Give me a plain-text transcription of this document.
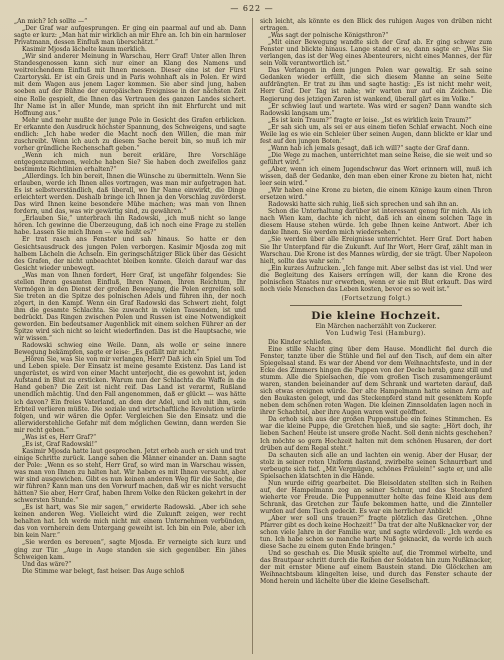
— 622 —

„An mich? Ich sollte —“

„Der Graf war aufgesprungen. Er ging ein paarmal auf und ab. Dann sagte er kurz: „Man hat mir wirklich an mir Ehre an. Ich bin ein harmloser Privatmann, dessen Einfluß man überschätzt.“

Kasimir Mjosda lächelte kaum merklich.

„Wir sind anderer Meinung in Warschau, Herr Graf! Unter allen Ihren Standesgenossen kann sich nur einer an Klang des Namens und weitreichendem Einfluß mit Ihnen messen. Dieser eine ist der Fürst Czartoryski. Er ist ein Greis und in Paris wohnhaft als in Polen. Er wird mit dem Wagen aus jenem Lager kommen. Sie aber sind jung, haben soeben auf der Bühne der europäischen Ereignisse in der nächsten Zeit eine Rolle gespielt, die Ihnen das Vertrauen des ganzen Landes sichert. Ihr Name ist in aller Munde, man spricht ihn mit Ehrfurcht und mit Hoffnung aus.“

Mehr und mehr mußte der junge Pole in Gesicht des Grafen erblicken. Er erkannte den Ausdruck höchster Spannung, des Schweigens, und sagte endlich: „Ich habe weder die Macht noch den Willen, die man mir zuschreibt. Wenn ich auch zu diesem Sache bereit bin, so muß ich mir vorher gründliche Rechenschaft geben.“

„Wenn ich mich nun bereit erkläre, Ihre Vorschläge entgegenzunehmen, welche haben Sie? Sie haben doch zweifellos ganz bestimmte Richtlinien erhalten?“

„Allerdings. Ich bin bereit, Ihnen die Wünsche zu übermitteln. Wenn Sie erlauben, werde ich Ihnen alles vortragen, was man mir aufgetragen hat. Es ist selbstverständlich, daß überall, wo Ihr Name einwirkt, die Dinge erleichtert werden. Deshalb bringe ich Ihnen ja den Vorschlag zuvörderst. Das wird Ihnen keine besondere Mühe machen; was man von Ihnen fordern, und das, was wir gewärtig sind, zu gewähren.“

„Erlauben Sie,“ unterbrach ihn Radowski, „ich muß nicht so lange hören. Ich gewinne die Überzeugung, daß ich noch eine Frage zu stellen habe. Lassen Sie mich Ihnen — wie heißt es?“

Er trat rasch ans Fenster und sah hinaus. So hatte er den Gesichtsausdruck des jungen Polen verborgen. Kasimir Mjosda zog mit halbem Lächeln die Achseln. Ein geringschätziger Blick über das Gesicht des Grafen, der nicht unbeachtet bleiben konnte. Gleich darauf war das Gesicht wieder unbewegt.

„Was man von Ihnen fordert, Herr Graf, ist ungefähr folgendes: Sie stellen Ihren gesamten Einfluß, Ihren Namen, Ihren Reichtum, Ihr Vermögen in den Dienst der großen Bewegung, die Polen ergreifen soll. Sie treten an die Spitze des polnischen Adels und führen ihn, der noch zögert, in den Kampf. Wenn ein Graf Radowski das Schwert zieht, folgt ihm die gesamte Schlachta. Sie zuwacht in vielen Tausenden, ist und bedrückt. Das Ringen zwischen Polen und Russen ist eine Notwendigkeit geworden. Ein bedeutsamer Augenblick mit einem solchen Führer an der Spitze wird sich nicht so leicht wiederfinden. Das ist die Hauptsache, wie wir wissen.“

Radowski schwieg eine Weile. Dann, als wolle er seine innere Bewegung bekämpfen, sagte er leise: „Es gefällt mir nicht.“

„Hören Sie, was Sie von mir verlangen, Herr? Daß ich ein Spiel um Tod und Leben spiele. Der Einsatz ist meine gesamte Existenz. Das Land ist ungerüstet, es wird von einer Macht unterjocht, die es gewohnt ist, jeden Aufstand in Blut zu ersticken. Warum nun der Schlachta die Waffe in die Hand geben? Die Zeit ist nicht reif. Das Land ist verarmt, Rußland unendlich mächtig. Und den Fall angenommen, daß er glückt — was hätte ich davon? Ein freies Vaterland, an dem der Adel, und ich mit ihm, sein Erbteil verlieren müßte. Die soziale und wirtschaftliche Revolution würde folgen, und wir wären die Opfer. Vergleichen Sie den Einsatz und die allerwiderstehliche Gefahr mit dem möglichen Gewinn, dann werden Sie mir recht geben.“

„Was ist es, Herr Graf?“

„Es ist, Graf Radowski!“

Kasimir Mjosda hatte laut gesprochen. Jetzt erhob auch er sich und trat einige Schritte zurück. Lange sahen die Männer einander an. Dann sagte der Pole: „Wenn es so steht, Herr Graf, so wird man in Warschau wissen, was man von Ihnen zu halten hat. Wir haben es mit Ihnen versucht, aber wir sind ausgewichen. Gibt es nun keinen anderen Weg für die Sache, die wir führen? Kann man uns den Vorwurf machen, daß wir es nicht versucht hätten? Sie aber, Herr Graf, haben Ihrem Volke den Rücken gekehrt in der schwersten Stunde.“

„Es ist hart, was Sie mir sagen,“ erwiderte Radowski. „Aber ich sehe keinen anderen Weg. Vielleicht wird die Zukunft zeigen, wer recht behalten hat. Ich werde mich nicht mit einem Unternehmen verbünden, das von vornherein dem Untergang geweiht ist. Ich bin ein Pole, aber ich bin kein Narr.“

„Sie werden es bereuen“, sagte Mjosda. Er verneigte sich kurz und ging zur Tür. „Auge in Auge standen sie sich gegenüber. Ein jähes Schweigen kam.

Und das wäre?“

Die Stimme war belegt, fast heiser. Das Auge schloß

sich leicht, als könnte es den Blick des ruhigen Auges von drüben nicht ertragen.

„Was sagt der polnische Königsthron?“

„Mit einer Bewegung wandte sich der Graf ab. Er ging schwer zum Fenster und blickte hinaus. Lange stand er so, dann sagte er: „Was Sie verlangen, das ist der Weg eines Abenteurers, nicht eines Mannes, der für sein Volk verantwortlich ist.“

Das Verlangen in dem jungen Polen war gewaltig. Er sah seine Gedanken wieder erfüllt, die sich diesem Manne an seine Seite aufdrängten. Er trat zu ihm und sagte hastig: „Es ist nicht mehr weit, Herr Graf. Der Tag ist nahe; wir warten nur auf ein Zeichen. Die Regierung des jetzigen Zaren ist wankend, überall gärt es im Volke.“

„Er schwieg laut und wartete. Was wird er sagen? Dann wandte sich Radowski langsam um.“

„Es ist kein Traum?“ fragte er leise. „Ist es wirklich kein Traum?“

„Er sah sich um, als sei er aus einem tiefen Schlaf erwacht. Noch eine Weile lag es wie ein Schleier über seinen Augen, dann blickte er klar und fest auf den jungen Boten.“

„Wann hab ich jemals gesagt, daß ich will?“ sagte der Graf dann.

„Die Wege zu machen, unterrichtet man seine Reise, die sie weit und so geführt wird.“

„Aber, wenn ich einem Jugendschwur das Wort erinnern will, muß ich wissen, daß der Gedanke, den man eben einer Krone zu bieten hat, nicht leer sein wird.“

„Wir haben eine Krone zu bieten, die einem Könige kaum einen Thron ersetzen wird.“

Radowski hatte sich ruhig, ließ sich sprechen und sah ihn an.

Schon die Unterhaltung darüber ist interessant genug für mich. Als ich nach Wien kam, dachte ich nicht, daß ich an einem solchen Tage in diesem Hause stehen würde. Ich gebe Ihnen keine Antwort. Aber ich danke Ihnen. Sie werden mich wiedersehen.“

„Sie werden über alle Ereignisse unterrichtet. Herr Graf. Dort haben Sie Ihr Unterpfand für die Zukunft. Auf Ihr Wort, Herr Graf, zählt man in Warschau. Die Krone ist des Mannes würdig, der sie trägt. Über Napoleon hielt, sollte das wahr sein.“

„Ein kurzes Aufzucken. „Ich fange mit. Aber selbst das ist viel. Und wer die Begleitung des Kaisers erringen will, der kann die Krone des polnischen Staates nur erwerben, wenn er sie mit Blut erkauft. Das wird noch viele Menschen das Leben kosten, bevor es so weit ist.“

(Fortsetzung folgt.)
Die kleine Hochzeit.
Ein Märchen nacherzählt von Zuckerer.
Von Ludwig Tesi (Hamburg).

Die Kinder schliefen.

Eine stille Nacht ging über dem Hause. Mondlicht fiel durch die Fenster, tanzte über die Stühle und fiel auf den Tisch, auf dem ein alter Spiegelsaal stand. Es war der Abend vor dem Weihnachtsfeste, und in der Ecke des Zimmers hingen die Puppen von der Decke herab, ganz still und stumm. Alle die Spielsachen, die vom großen Tisch zusammengeräumt waren, standen beieinander auf dem Schrank und warteten darauf, daß sich etwas ereignen würde. Der alte Hampelmann hatte seinen Arm auf den Baukasten gelegt, und das Steckenpferd stand mit gesenktem Kopfe neben dem schönen roten Wagen. Die kleinen Zinnsoldaten lagen noch in ihrer Schachtel, aber ihre Augen waren weit geöffnet.

Da erhob sich aus der großen Puppenstube ein feines Stimmchen. Es war die kleine Puppe, die Gretchen hieß, und sie sagte: „Hört doch, ihr lieben Sachen! Heute ist unsere große Nacht. Soll denn nichts geschehen? Ich möchte so gern Hochzeit halten mit dem schönen Husaren, der dort drüben auf dem Regal steht.“

Da schauten sich alle an und lachten ein wenig. Aber der Husar, der stolz in seiner roten Uniform dastand, zwirbelte seinen Schnurrbart und verbeugte sich tief. „Mit Vergnügen, schönes Fräulein!“ sagte er, und alle Spielsachen klatschten in die Hände.

Nun wurde eifrig gearbeitet. Die Bleisoldaten stellten sich in Reihen auf, der Hampelmann zog an seiner Schnur, und das Steckenpferd wieherte vor Freude. Die Puppenmutter holte das feine Kleid aus dem Schrank, das Gretchen zur Taufe bekommen hatte, und die Zinnteller wurden auf dem Tisch gedeckt. Es war ein herrlicher Anblick!

„Aber wer soll uns trauen?“ fragte plötzlich das Gretchen. „Ohne Pfarrer gibt es doch keine Hochzeit!“ Da trat der alte Nußknacker vor, der schon viele Jahre in der Familie war, und sagte würdevoll: „Ich werde es tun. Ich habe schon so manche harte Nuß geknackt, da werde ich auch diese Sache zu einem guten Ende bringen.“

Und so geschah es. Die Musik spielte auf, die Trommel wirbelte, und das Brautpaar schritt durch die Reihen der Soldaten hin zum Nußknacker, der mit ernster Miene auf einem Baustein stand. Die Glöckchen am Weihnachtsbaum klingelten leise, und durch das Fenster schaute der Mond herein und lächelte über die kleine Gesellschaft.
